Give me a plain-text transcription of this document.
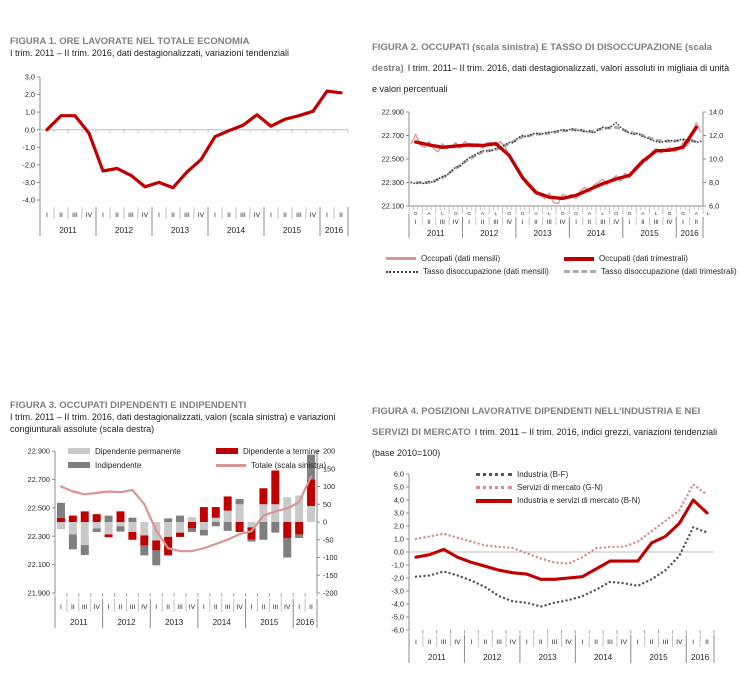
FIGURA 1. ORE LAVORATE NEL TOTALE ECONOMIA
I trim. 2011 – II trim. 2016, dati destagionalizzati, variazioni tendenziali

3,0
2,0
1,0
0,0
-1,0
-2,0
-3,0
-4,0
I II III IV I II III IV I II III IV I II III IV I II III IV I II
2011	2012	2013	2014	2015	2016

FIGURA 2. OCCUPATI (scala sinistra) E TASSO DI DISOCCUPAZIONE (scala destra) I trim. 2011– II trim. 2016, dati destagionalizzati, valori assoluti in migliaia di unità e valori percentuali

22.900
22.700
22.500
22.300
22.100
14,0
12,0
10,0
8,0
6,0
G A L O G A L O G A L O G A L O G A L O G A L
I II III IV I II III IV I II III IV I II III IV I II III IV I II
2011	2012	2013	2014	2015	2016
Occupati (dati mensili)	Occupati (dati trimestrali)
Tasso disoccupazione (dati mensili)	Tasso disoccupazione (dati trimestrali)

FIGURA 3. OCCUPATI DIPENDENTI E INDIPENDENTI
I trim. 2011 – II trim. 2016, dati destagionalizzati, valori (scala sinistra) e variazioni congiunturali assolute (scala destra)

22.900
22.700
22.500
22.300
22.100
21.900
200
150
100
50
0
-50
-100
-150
-200
I II III IV I II III IV I II III IV I II III IV I II III IV I II
2011	2012	2013	2014	2015 2016
Dipendente permanente	Dipendente a termine
Indipendente	Totale (scala sinistra)

FIGURA 4. POSIZIONI LAVORATIVE DIPENDENTI NELL’INDUSTRIA E NEI SERVIZI DI MERCATO I trim. 2011 – II trim. 2016, indici grezzi, variazioni tendenziali (base 2010=100)

6,0
5,0
4,0
3,0
2,0
1,0
0,0
-1,0
-2,0
-3,0
-4,0
-5,0
-6,0
I II III IV I II III IV I II III IV I II III IV I II III IV I II
2011	2012	2013	2014	2015	2016
Industria (B-F)
Servizi di mercato (G-N)
Industria e servizi di mercato (B-N)
